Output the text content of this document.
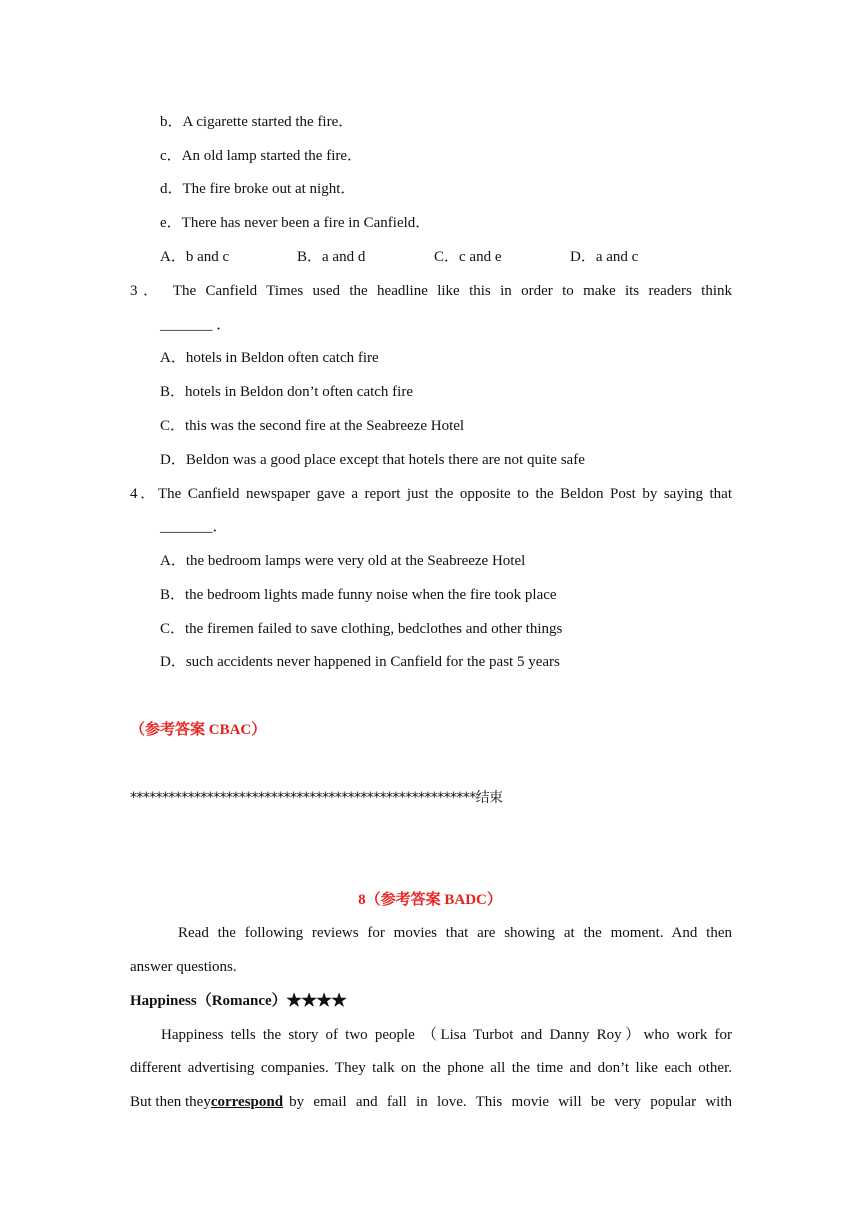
b．A cigarette started the fire．
c．An old lamp started the fire．
d．The fire broke out at night．
e．There has never been a fire in Canfield．
A．b and c	B．a and d	C．c and e	D．a and c
3． The Canfield Times used the headline like this in order to make its readers think
_______ ．
A．hotels in Beldon often catch fire
B．hotels in Beldon don’t often catch fire
C．this was the second fire at the Seabreeze Hotel
D．Beldon was a good place except that hotels there are not quite safe
4．The Canfield newspaper gave a report just the opposite to the Beldon Post by saying that
_______．
A．the bedroom lamps were very old at the Seabreeze Hotel
B．the bedroom lights made funny noise when the fire took place
C．the firemen failed to save clothing, bedclothes and other things
D．such accidents never happened in Canfield for the past 5 years
（参考答案 CBAC）
******************************************************结束
8（参考答案 BADC）
Read the following reviews for movies that are showing at the moment. And then
answer questions.
Happiness（Romance）★★★★
Happiness tells the story of two people （Lisa Turbot and Danny Roy）who work for
different advertising companies. They talk on the phone all the time and don’t like each other.
But then they correspond by email and fall in love. This movie will be very popular with
